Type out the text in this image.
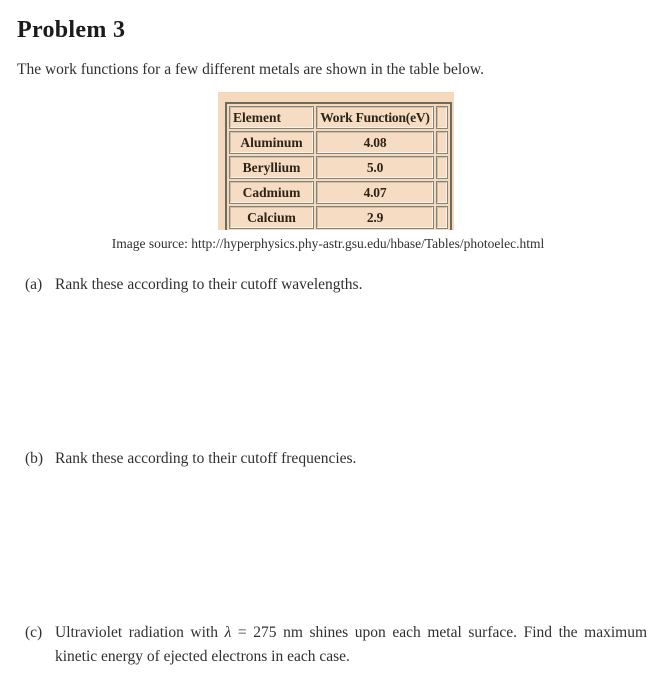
Problem 3

The work functions for a few different metals are shown in the table below.

Element	Work Function(eV)	
Aluminum	4.08	
Beryllium	5.0	
Cadmium	4.07	
Calcium	2.9	

Image source: http://hyperphysics.phy-astr.gsu.edu/hbase/Tables/photoelec.html

(a) Rank these according to their cutoff wavelengths.
(b) Rank these according to their cutoff frequencies.
(c) Ultraviolet radiation with λ = 275 nm shines upon each metal surface. Find the maximum kinetic energy of ejected electrons in each case.
